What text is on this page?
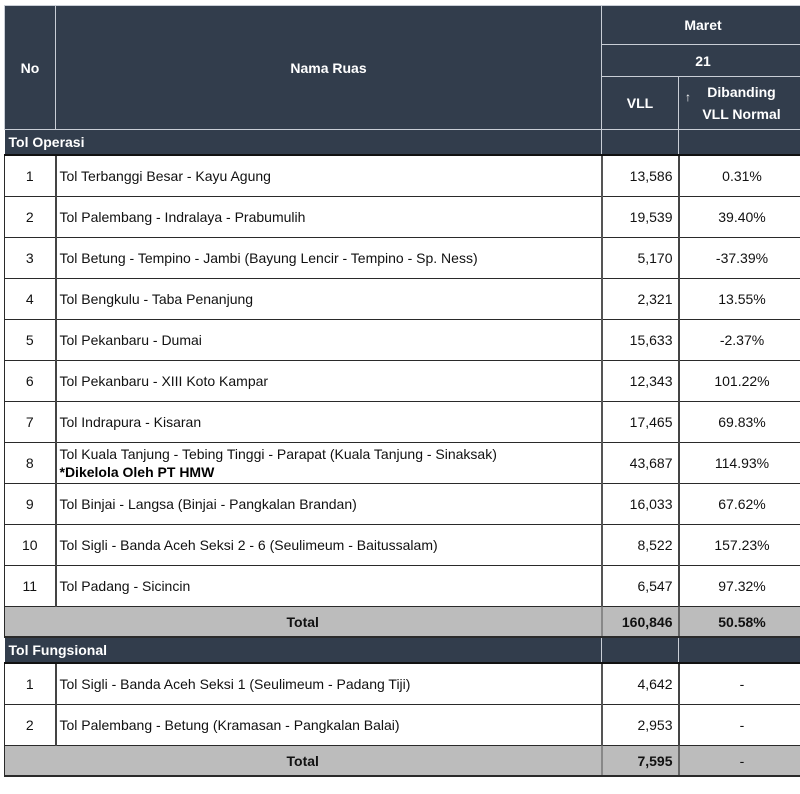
No	Nama Ruas	Maret	
		21	
		VLL	↑ Dibanding
VLL Normal
Tol Operasi			
1	Tol Terbanggi Besar - Kayu Agung	13,586	0.31%
2	Tol Palembang - Indralaya - Prabumulih	19,539	39.40%
3	Tol Betung - Tempino - Jambi (Bayung Lencir - Tempino - Sp. Ness)	5,170	-37.39%
4	Tol Bengkulu - Taba Penanjung	2,321	13.55%
5	Tol Pekanbaru - Dumai	15,633	-2.37%
6	Tol Pekanbaru - XIII Koto Kampar	12,343	101.22%
7	Tol Indrapura - Kisaran	17,465	69.83%
8	Tol Kuala Tanjung - Tebing Tinggi - Parapat (Kuala Tanjung - Sinaksak)
*Dikelola Oleh PT HMW	43,687	114.93%
9	Tol Binjai - Langsa (Binjai - Pangkalan Brandan)	16,033	67.62%
10	Tol Sigli - Banda Aceh Seksi 2 - 6 (Seulimeum - Baitussalam)	8,522	157.23%
11	Tol Padang - Sicincin	6,547	97.32%
Total		160,846	50.58%
Tol Fungsional			
1	Tol Sigli - Banda Aceh Seksi 1 (Seulimeum - Padang Tiji)	4,642	-
2	Tol Palembang - Betung (Kramasan - Pangkalan Balai)	2,953	-
Total		7,595	-
